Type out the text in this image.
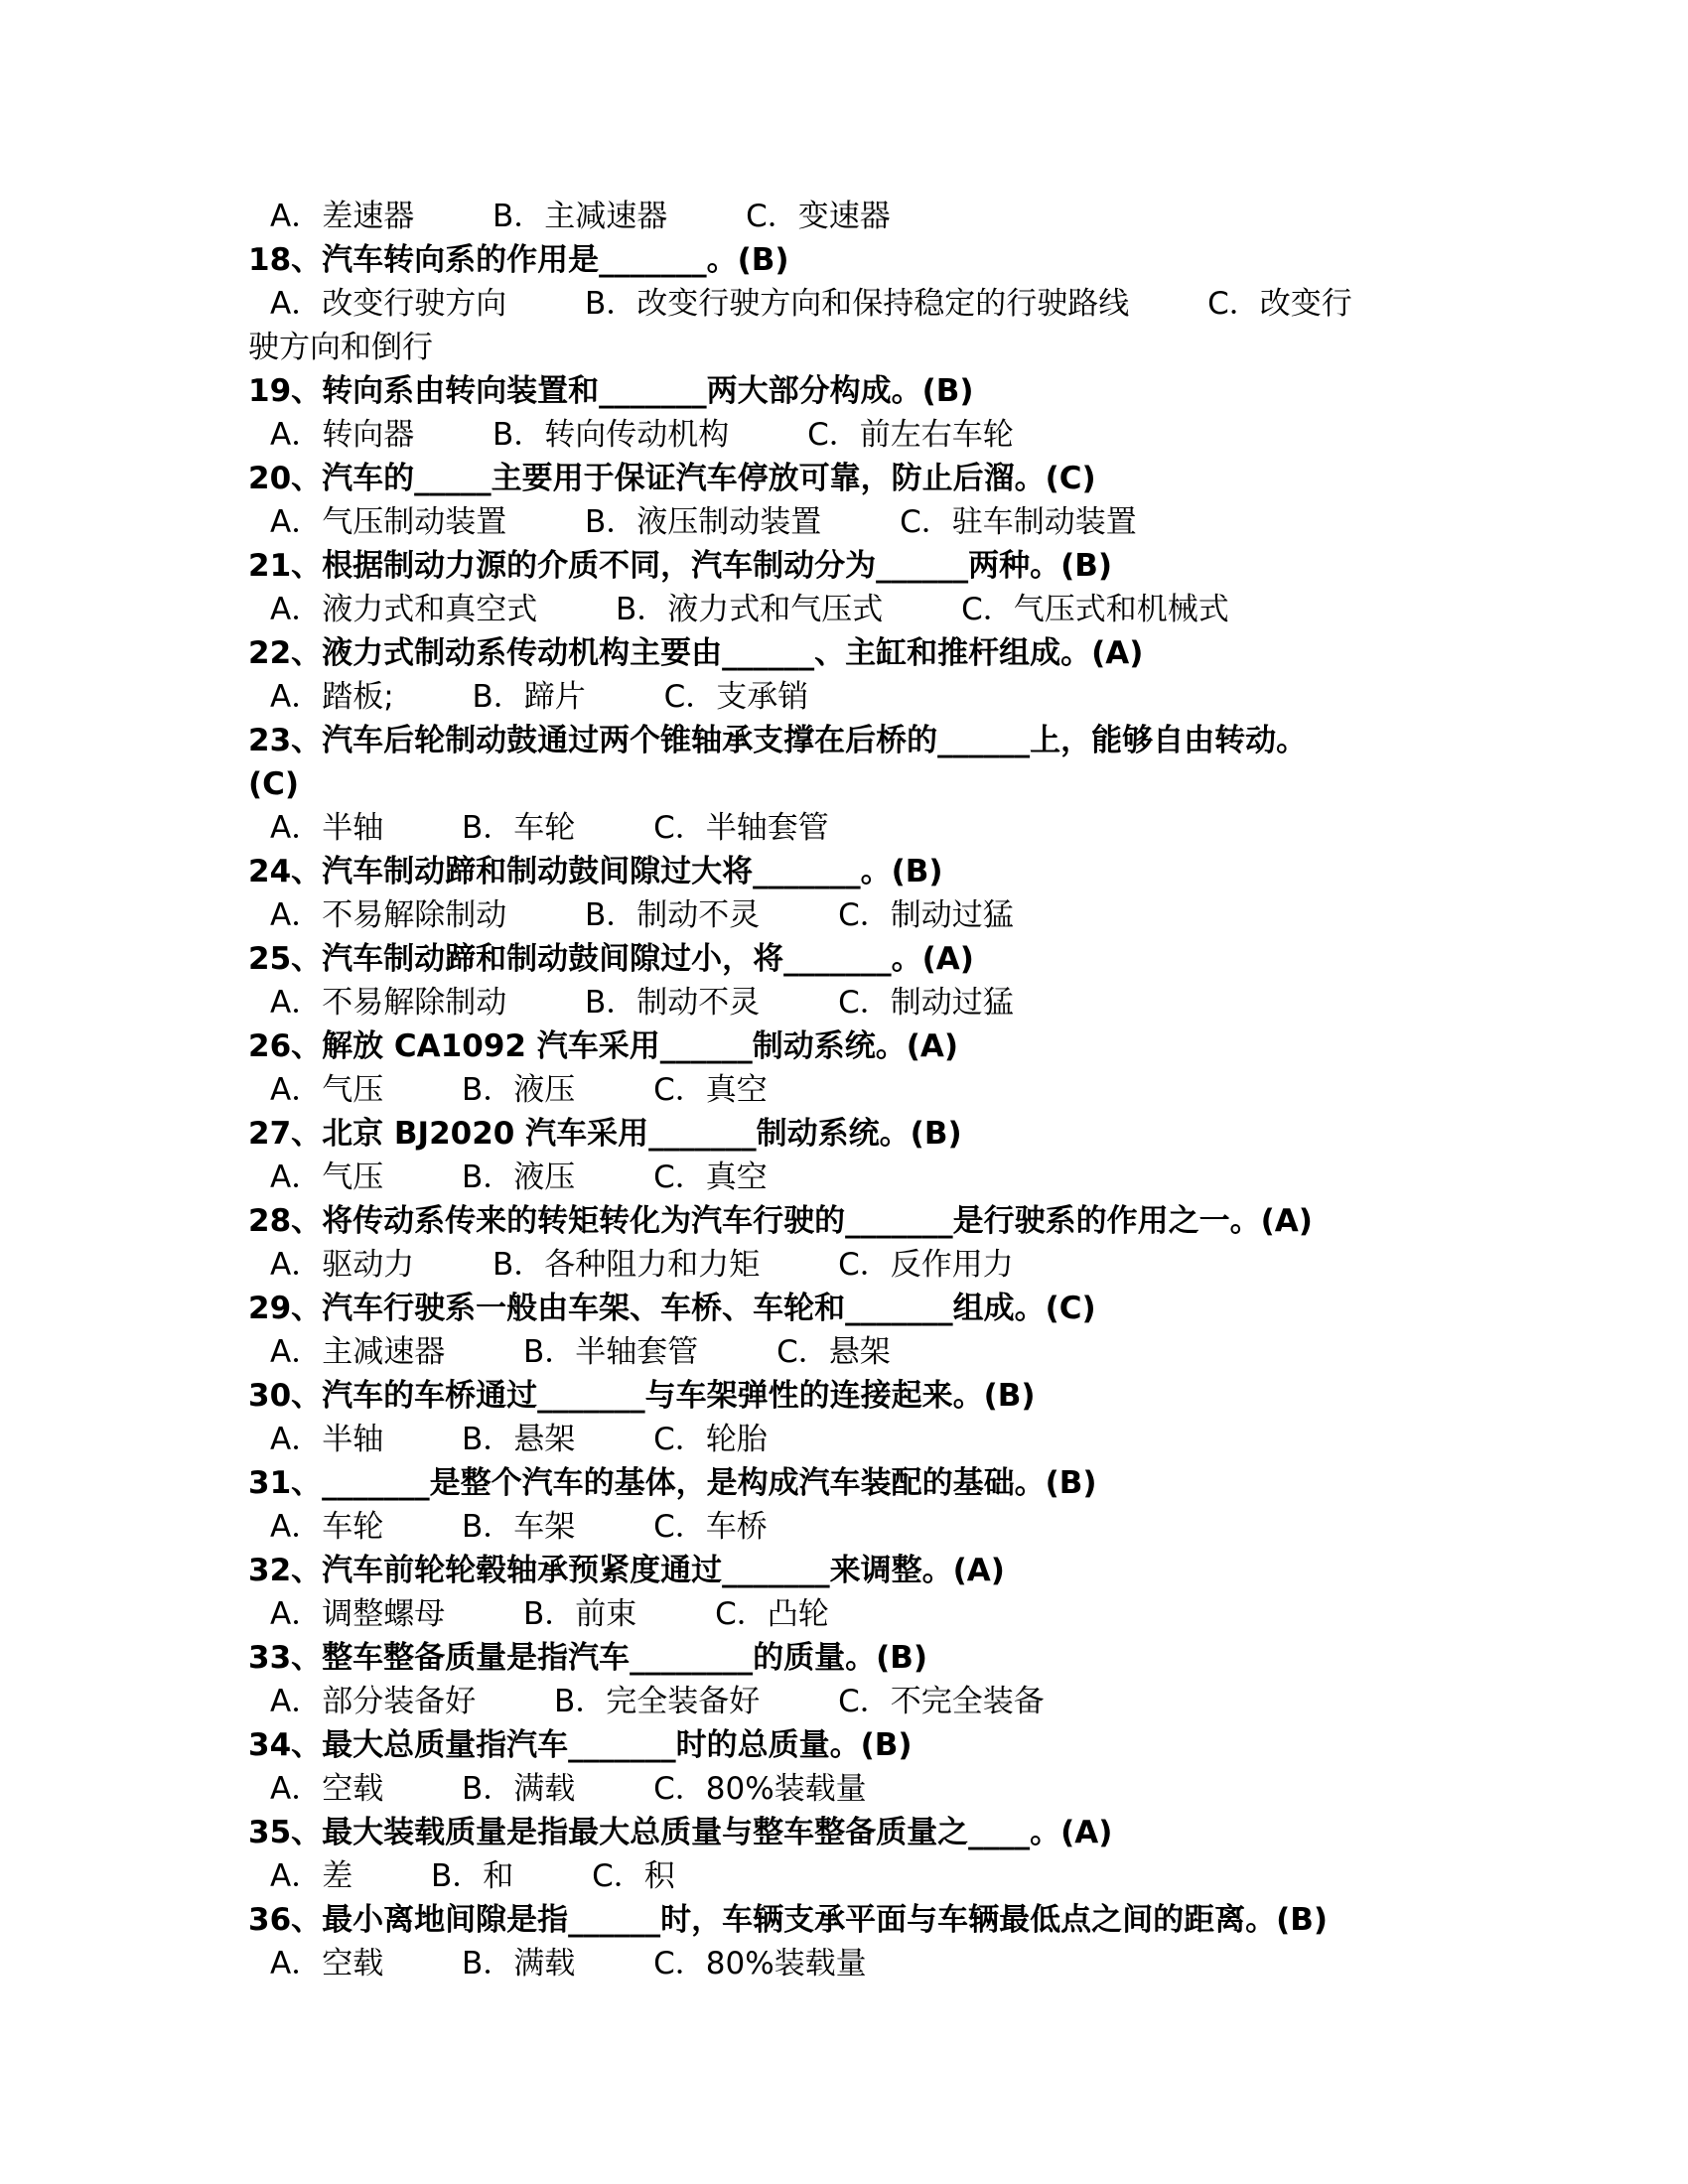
A．差速器        B．主减速器        C．变速器
18、汽车转向系的作用是_______。(B)
A．改变行驶方向        B．改变行驶方向和保持稳定的行驶路线        C．改变行
驶方向和倒行
19、转向系由转向装置和_______两大部分构成。(B)
A．转向器        B．转向传动机构        C．前左右车轮
20、汽车的_____主要用于保证汽车停放可靠，防止后溜。(C)
A．气压制动装置        B．液压制动装置        C．驻车制动装置
21、根据制动力源的介质不同，汽车制动分为______两种。(B)
A．液力式和真空式        B．液力式和气压式        C．气压式和机械式
22、液力式制动系传动机构主要由______、主缸和推杆组成。(A)
A．踏板;        B．蹄片        C．支承销
23、汽车后轮制动鼓通过两个锥轴承支撑在后桥的______上，能够自由转动。
(C)
A．半轴        B．车轮        C．半轴套管
24、汽车制动蹄和制动鼓间隙过大将_______。(B)
A．不易解除制动        B．制动不灵        C．制动过猛
25、汽车制动蹄和制动鼓间隙过小，将_______。(A)
A．不易解除制动        B．制动不灵        C．制动过猛
26、解放 CA1092 汽车采用______制动系统。(A)
A．气压        B．液压        C．真空
27、北京 BJ2020 汽车采用_______制动系统。(B)
A．气压        B．液压        C．真空
28、将传动系传来的转矩转化为汽车行驶的_______是行驶系的作用之一。(A)
A．驱动力        B．各种阻力和力矩        C．反作用力
29、汽车行驶系一般由车架、车桥、车轮和_______组成。(C)
A．主减速器        B．半轴套管        C．悬架
30、汽车的车桥通过_______与车架弹性的连接起来。(B)
A．半轴        B．悬架        C．轮胎
31、_______是整个汽车的基体，是构成汽车装配的基础。(B)
A．车轮        B．车架        C．车桥
32、汽车前轮轮毂轴承预紧度通过_______来调整。(A)
A．调整螺母        B．前束        C．凸轮
33、整车整备质量是指汽车________的质量。(B)
A．部分装备好        B．完全装备好        C．不完全装备
34、最大总质量指汽车_______时的总质量。(B)
A．空载        B．满载        C．80%装载量
35、最大装载质量是指最大总质量与整车整备质量之____。(A)
A．差        B．和        C．积
36、最小离地间隙是指______时，车辆支承平面与车辆最低点之间的距离。(B)
A．空载        B．满载        C．80%装载量
